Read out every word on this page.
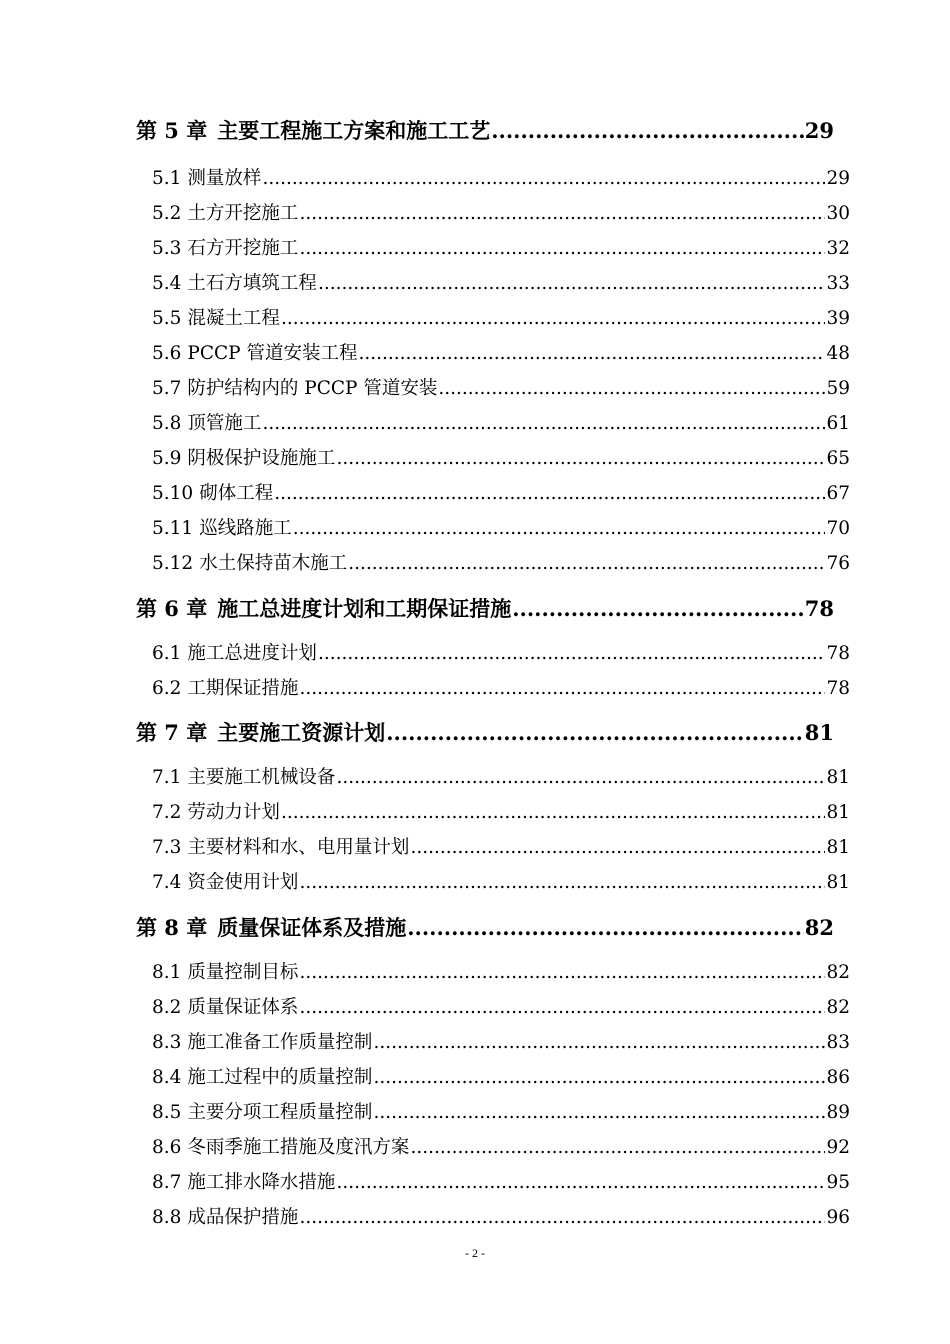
第 5 章 主要工程施工方案和施工工艺 .....	29
5.1 测量放样 .....	29
5.2 土方开挖施工 .....	30
5.3 石方开挖施工 .....	32
5.4 土石方填筑工程 .....	33
5.5 混凝土工程 .....	39
5.6 PCCP 管道安装工程 .....	48
5.7 防护结构内的 PCCP 管道安装 .....	59
5.8 顶管施工 .....	61
5.9 阴极保护设施施工 .....	65
5.10 砌体工程 .....	67
5.11 巡线路施工 .....	70
5.12 水土保持苗木施工 .....	76
第 6 章 施工总进度计划和工期保证措施 .....	78
6.1 施工总进度计划 .....	78
6.2 工期保证措施 .....	78
第 7 章 主要施工资源计划 .....	81
7.1 主要施工机械设备 .....	81
7.2 劳动力计划 .....	81
7.3 主要材料和水、电用量计划 .....	81
7.4 资金使用计划 .....	81
第 8 章 质量保证体系及措施 .....	82
8.1 质量控制目标 .....	82
8.2 质量保证体系 .....	82
8.3 施工准备工作质量控制 .....	83
8.4 施工过程中的质量控制 .....	86
8.5 主要分项工程质量控制 .....	89
8.6 冬雨季施工措施及度汛方案 .....	92
8.7 施工排水降水措施 .....	95
8.8 成品保护措施 .....	96
- 2 -
